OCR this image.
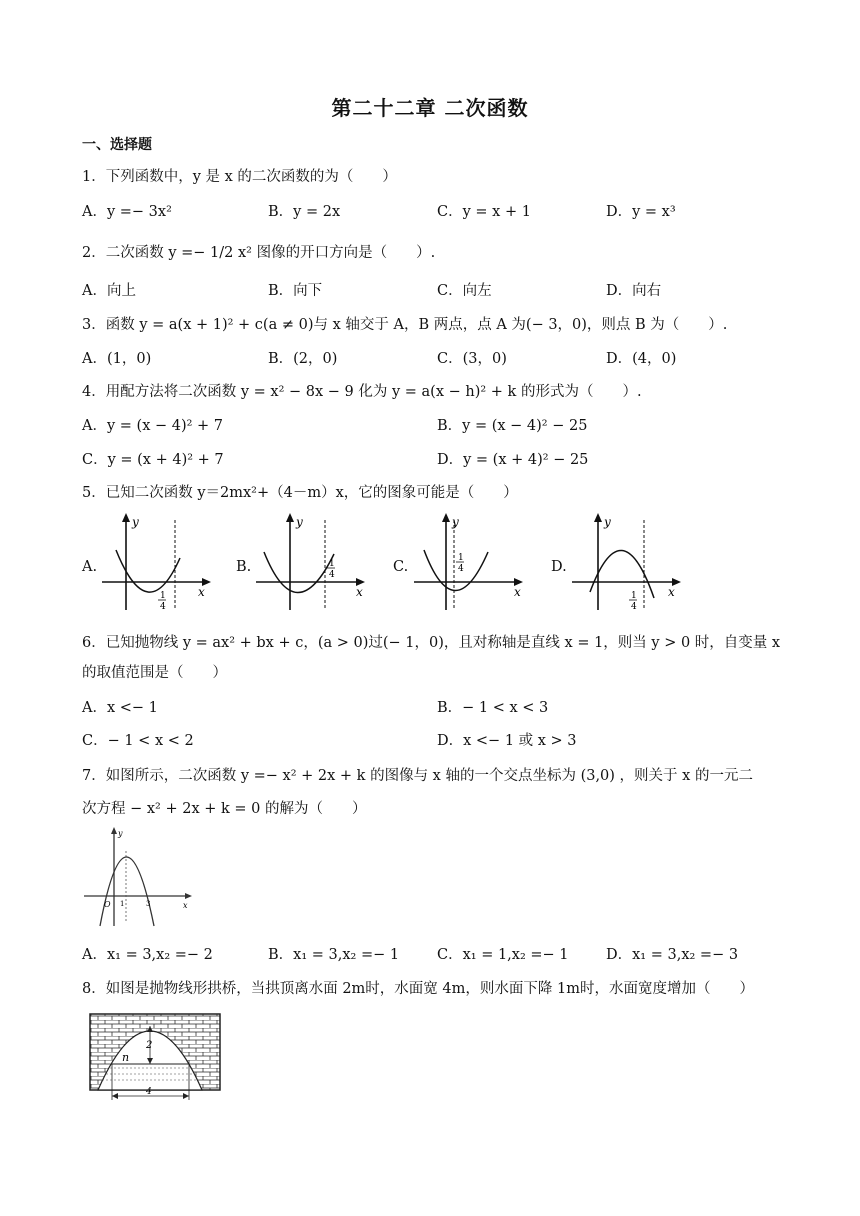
第二十二章 二次函数
一、选择题
1．下列函数中，y 是 x 的二次函数的为（　　）
A．y =− 3x²	B．y = 2x	C．y = x + 1	D．y = x³
2．二次函数 y =− 1/2 x² 图像的开口方向是（　　）.
A．向上	B．向下	C．向左	D．向右
3．函数 y = a(x + 1)² + c(a ≠ 0)与 x 轴交于 A，B 两点，点 A 为(− 3，0)，则点 B 为（　　）.
A．(1，0)	B．(2，0)	C．(3，0)	D．(4，0)
4．用配方法将二次函数 y = x² − 8x − 9 化为 y = a(x − h)² + k 的形式为（　　）.
A．y = (x − 4)² + 7	B．y = (x − 4)² − 25
C．y = (x + 4)² + 7	D．y = (x + 4)² − 25
5．已知二次函数 y＝2mx²+（4－m）x，它的图象可能是（　　）
A.
y
x
1
4
B.
y
x
1
4	C.
y
x
1
4	D.
y
x
1
4
6．已知抛物线 y = ax² + bx + c，(a > 0)过(− 1，0)，且对称轴是直线 x = 1，则当 y > 0 时，自变量 x
的取值范围是（　　）
A．x <− 1	B．− 1 < x < 3
C．− 1 < x < 2	D．x <− 1 或 x > 3
7．如图所示，二次函数 y =− x² + 2x + k 的图像与 x 轴的一个交点坐标为 (3,0) ，则关于 x 的一元二
次方程 − x² + 2x + k = 0 的解为（　　）
y
x
O 1	3
A．x₁ = 3,x₂ =− 2	B．x₁ = 3,x₂ =− 1	C．x₁ = 1,x₂ =− 1	D．x₁ = 3,x₂ =− 3
8．如图是抛物线形拱桥，当拱顶离水面 2m时，水面宽 4m，则水面下降 1m时，水面宽度增加（　　）
2
n
4
